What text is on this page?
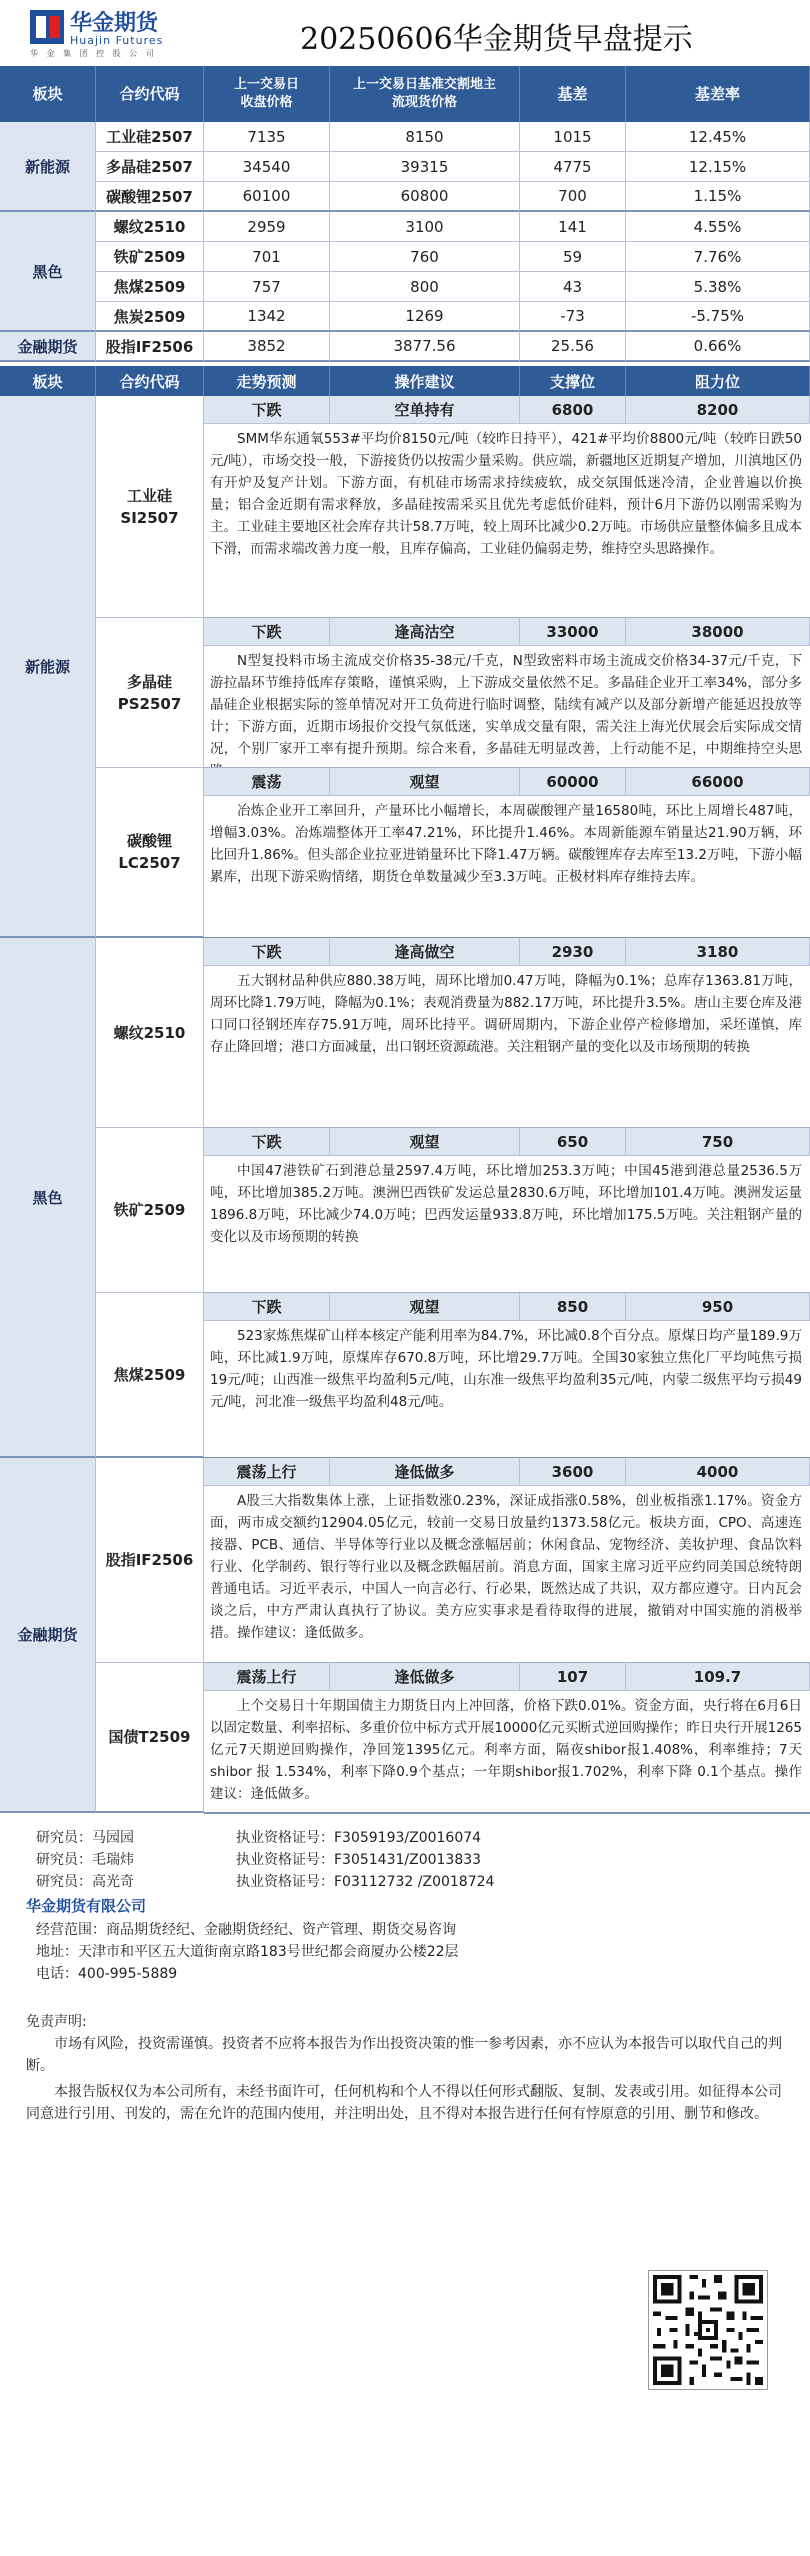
华金期货
Huajin Futures
华 金 集 团 控 股 公 司	20250606华金期货早盘提示
板块	合约代码
上一交易日
收盘价格
上一交易日基准交割地主
流现货价格	基差	基差率
新能源
工业硅2507	7135	8150	1015	12.45%
多晶硅2507	34540	39315	4775	12.15%
碳酸锂2507	60100	60800	700	1.15%
黑色
螺纹2510	2959	3100	141	4.55%
铁矿2509	701	760	59	7.76%
焦煤2509	757	800	43	5.38%
焦炭2509	1342	1269	-73	-5.75%
金融期货	股指IF2506	3852	3877.56	25.56	0.66%
板块	合约代码	走势预测	操作建议	支撑位	阻力位
新能源
工业硅
SI2507
下跌	空单持有	6800	8200
SMM华东通氧553#平均价8150元/吨（较昨日持平），421#平均价8800元/吨（较昨日跌50元/吨），市场交投一般，下游接货仍以按需少量采购。供应端，新疆地区近期复产增加，川滇地区仍有开炉及复产计划。下游方面，有机硅市场需求持续疲软，成交氛围低迷冷清，企业普遍以价换量；铝合金近期有需求释放，多晶硅按需采买且优先考虑低价硅料，预计6月下游仍以刚需采购为主。工业硅主要地区社会库存共计58.7万吨，较上周环比减少0.2万吨。市场供应量整体偏多且成本下滑，而需求端改善力度一般，且库存偏高，工业硅仍偏弱走势，维持空头思路操作。
多晶硅
PS2507
下跌	逢高沽空	33000	38000
N型复投料市场主流成交价格35-38元/千克，N型致密料市场主流成交价格34-37元/千克，下游拉晶环节维持低库存策略，谨慎采购，上下游成交量依然不足。多晶硅企业开工率34%，部分多晶硅企业根据实际的签单情况对开工负荷进行临时调整，陆续有减产以及部分新增产能延迟投放等计；下游方面，近期市场报价交投气氛低迷，实单成交量有限，需关注上海光伏展会后实际成交情况，个别厂家开工率有提升预期。综合来看，多晶硅无明显改善，上行动能不足，中期维持空头思
碳酸锂
LC2507
震荡	观望	60000	66000
冶炼企业开工率回升，产量环比小幅增长，本周碳酸锂产量16580吨，环比上周增长487吨，增幅3.03%。冶炼端整体开工率47.21%，环比提升1.46%。本周新能源车销量达21.90万辆，环比回升1.86%。但头部企业拉亚进销量环比下降1.47万辆。碳酸锂库存去库至13.2万吨，下游小幅累库，出现下游采购情绪，期货仓单数量减少至3.3万吨。正极材料库存维持去库。
黑色
螺纹2510
下跌	逢高做空	2930	3180
五大钢材品种供应880.38万吨，周环比增加0.47万吨，降幅为0.1%；总库存1363.81万吨，周环比降1.79万吨，降幅为0.1%；表观消费量为882.17万吨，环比提升3.5%。唐山主要仓库及港口同口径钢坯库存75.91万吨，周环比持平。调研周期内，下游企业停产检修增加，采坯谨慎，库存止降回增；港口方面减量，出口钢坯资源疏港。关注粗钢产量的变化以及市场预期的转换
铁矿2509
下跌	观望	650	750
中国47港铁矿石到港总量2597.4万吨，环比增加253.3万吨；中国45港到港总量2536.5万吨，环比增加385.2万吨。澳洲巴西铁矿发运总量2830.6万吨，环比增加101.4万吨。澳洲发运量1896.8万吨，环比减少74.0万吨；巴西发运量933.8万吨，环比增加175.5万吨。关注粗钢产量的变化以及市场预期的转换
焦煤2509
下跌	观望	850	950
523家炼焦煤矿山样本核定产能利用率为84.7%，环比减0.8个百分点。原煤日均产量189.9万吨，环比减1.9万吨，原煤库存670.8万吨，环比增29.7万吨。全国30家独立焦化厂平均吨焦亏损19元/吨；山西准一级焦平均盈利5元/吨，山东准一级焦平均盈利35元/吨，内蒙二级焦平均亏损49元/吨，河北准一级焦平均盈利48元/吨。
金融期货
股指IF2506
震荡上行	逢低做多	3600	4000
A股三大指数集体上涨，上证指数涨0.23%，深证成指涨0.58%，创业板指涨1.17%。资金方面，两市成交额约12904.05亿元，较前一交易日放量约1373.58亿元。板块方面，CPO、高速连接器、PCB、通信、半导体等行业以及概念涨幅居前；休闲食品、宠物经济、美妆护理、食品饮料行业、化学制药、银行等行业以及概念跌幅居前。消息方面，国家主席习近平应约同美国总统特朗普通电话。习近平表示，中国人一向言必行、行必果，既然达成了共识，双方都应遵守。日内瓦会谈之后，中方严肃认真执行了协议。美方应实事求是看待取得的进展，撤销对中国实施的消极举措。操作建议：逢低做多。
国债T2509
震荡上行	逢低做多	107	109.7
上个交易日十年期国债主力期货日内上冲回落，价格下跌0.01%。资金方面，央行将在6月6日以固定数量、利率招标、多重价位中标方式开展10000亿元买断式逆回购操作；昨日央行开展1265亿元7天期逆回购操作，净回笼1395亿元。利率方面，隔夜shibor报1.408%，利率维持；7天shibor 报 1.534%，利率下降0.9个基点；一年期shibor报1.702%，利率下降 0.1个基点。操作建议：逢低做多。
研究员：马园园	执业资格证号：F3059193/Z0016074
研究员：毛瑞炜	执业资格证号：F3051431/Z0013833
研究员：高光奇	执业资格证号：F03112732 /Z0018724
华金期货有限公司
经营范围：商品期货经纪、金融期货经纪、资产管理、期货交易咨询
地址：天津市和平区五大道街南京路183号世纪都会商厦办公楼22层
电话：400-995-5889
免责声明:
市场有风险，投资需谨慎。投资者不应将本报告为作出投资决策的惟一参考因素，亦不应认为本报告可以取代自己的判断。
本报告版权仅为本公司所有，未经书面许可，任何机构和个人不得以任何形式翻版、复制、发表或引用。如征得本公司同意进行引用、刊发的，需在允许的范围内使用，并注明出处，且不得对本报告进行任何有悖原意的引用、删节和修改。
